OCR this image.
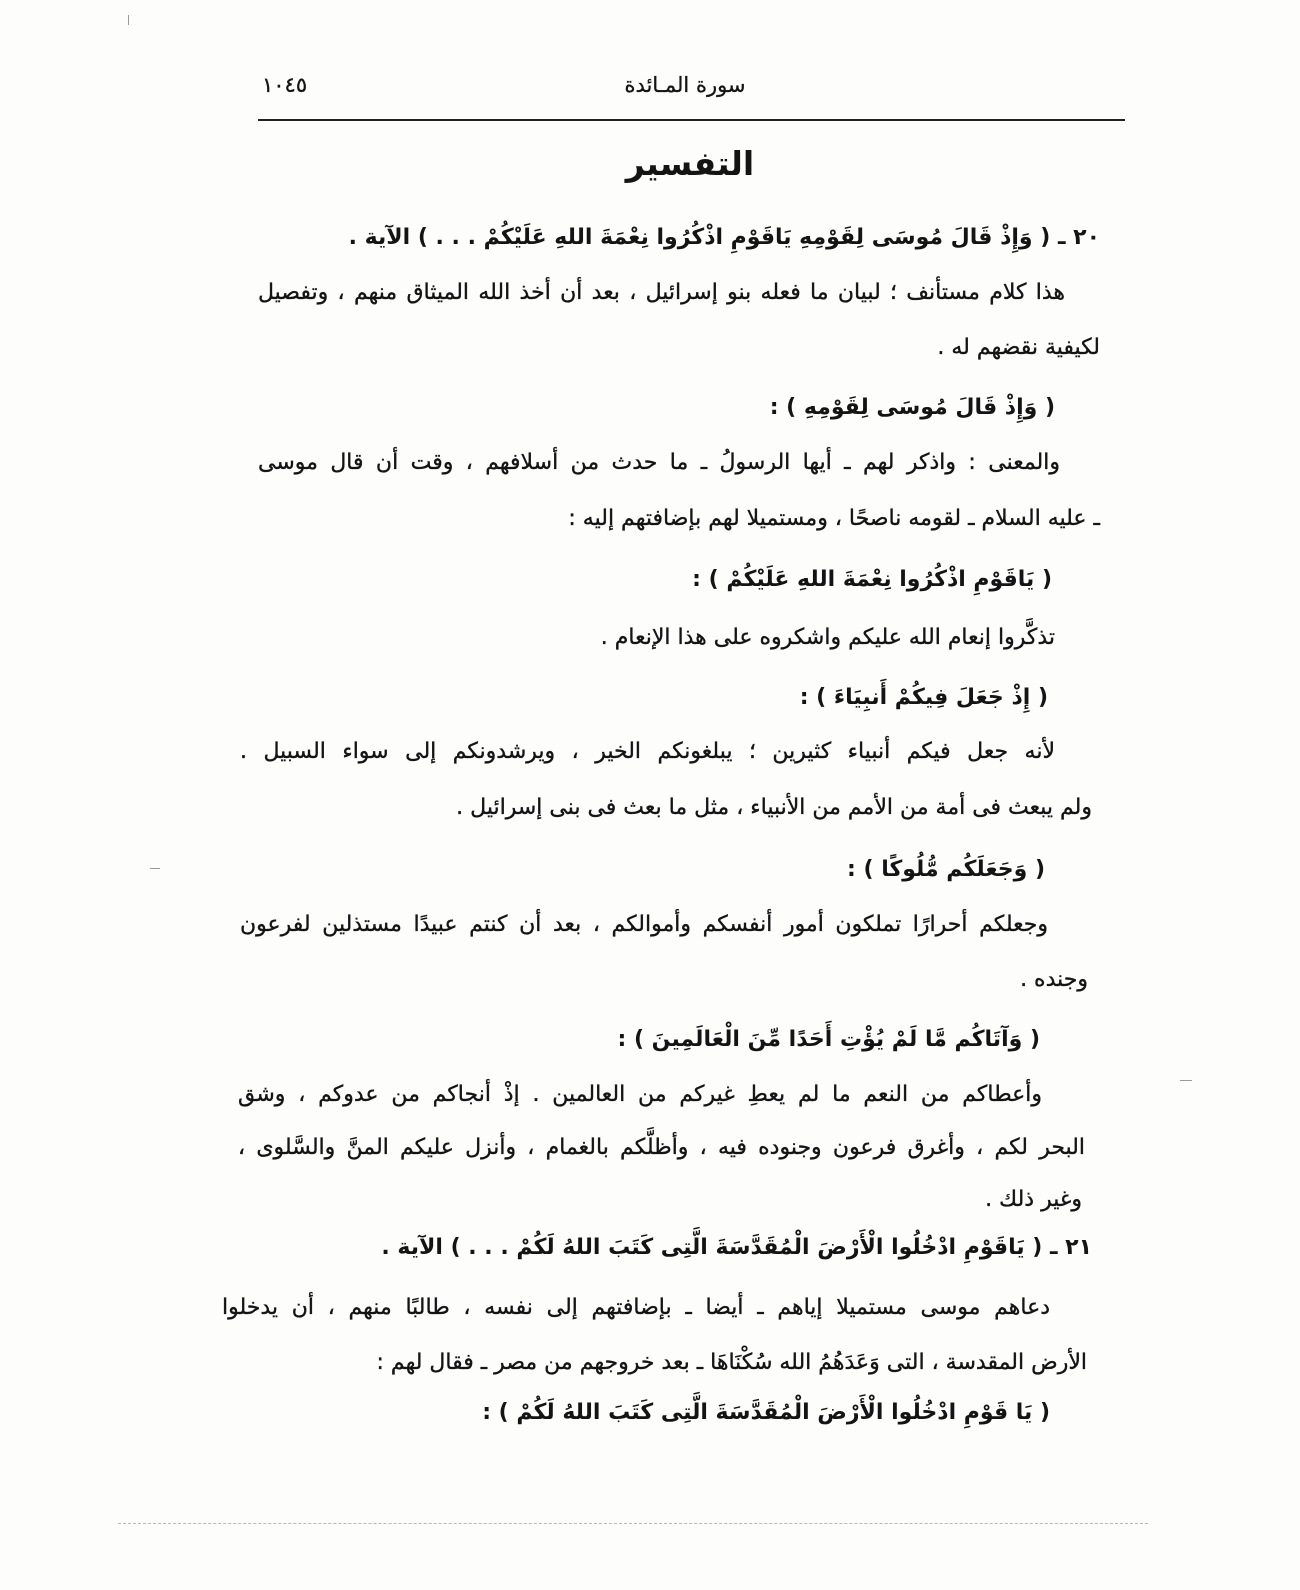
١٠٤٥	سورة المـائدة
التفسير
٢٠ ـ ( وَإِذْ قَالَ مُوسَى لِقَوْمِهِ يَاقَوْمِ اذْكُرُوا نِعْمَةَ اللهِ عَلَيْكُمْ . . . ) الآية .
هذا كلام مستأنف ؛ لبيان ما فعله بنو إسرائيل ، بعد أن أخذ الله الميثاق منهم ، وتفصيل
لكيفية نقضهم له .
( وَإِذْ قَالَ مُوسَى لِقَوْمِهِ ) :
والمعنى : واذكر لهم ـ أيها الرسولُ ـ ما حدث من أسلافهم ، وقت أن قال موسى
ـ عليه السلام ـ لقومه ناصحًا ، ومستميلا لهم بإضافتهم إليه :
( يَاقَوْمِ اذْكُرُوا نِعْمَةَ اللهِ عَلَيْكُمْ ) :
تذكَّروا إنعام الله عليكم واشكروه على هذا الإنعام .
( إِذْ جَعَلَ فِيكُمْ أَنبِيَاءَ ) :
لأنه جعل فيكم أنبياء كثيرين ؛ يبلغونكم الخير ، ويرشدونكم إلى سواء السبيل .
ولم يبعث فى أمة من الأمم من الأنبياء ، مثل ما بعث فى بنى إسرائيل .
( وَجَعَلَكُم مُّلُوكًا ) :
وجعلكم أحرارًا تملكون أمور أنفسكم وأموالكم ، بعد أن كنتم عبيدًا مستذلين لفرعون
وجنده .
( وَآتَاكُم مَّا لَمْ يُؤْتِ أَحَدًا مِّنَ الْعَالَمِينَ ) :
وأعطاكم من النعم ما لم يعطِ غيركم من العالمين . إذْ أنجاكم من عدوكم ، وشق
البحر لكم ، وأغرق فرعون وجنوده فيه ، وأظلَّكم بالغمام ، وأنزل عليكم المنَّ والسَّلوى ،
وغير ذلك .
٢١ ـ ( يَاقَوْمِ ادْخُلُوا الْأَرْضَ الْمُقَدَّسَةَ الَّتِى كَتَبَ اللهُ لَكُمْ . . . ) الآية .
دعاهم موسى مستميلا إياهم ـ أيضا ـ بإضافتهم إلى نفسه ، طالبًا منهم ، أن يدخلوا
الأرض المقدسة ، التى وَعَدَهُمُ الله سُكْنَاهَا ـ بعد خروجهم من مصر ـ فقال لهم :
( يَا قَوْمِ ادْخُلُوا الْأَرْضَ الْمُقَدَّسَةَ الَّتِى كَتَبَ اللهُ لَكُمْ ) :
